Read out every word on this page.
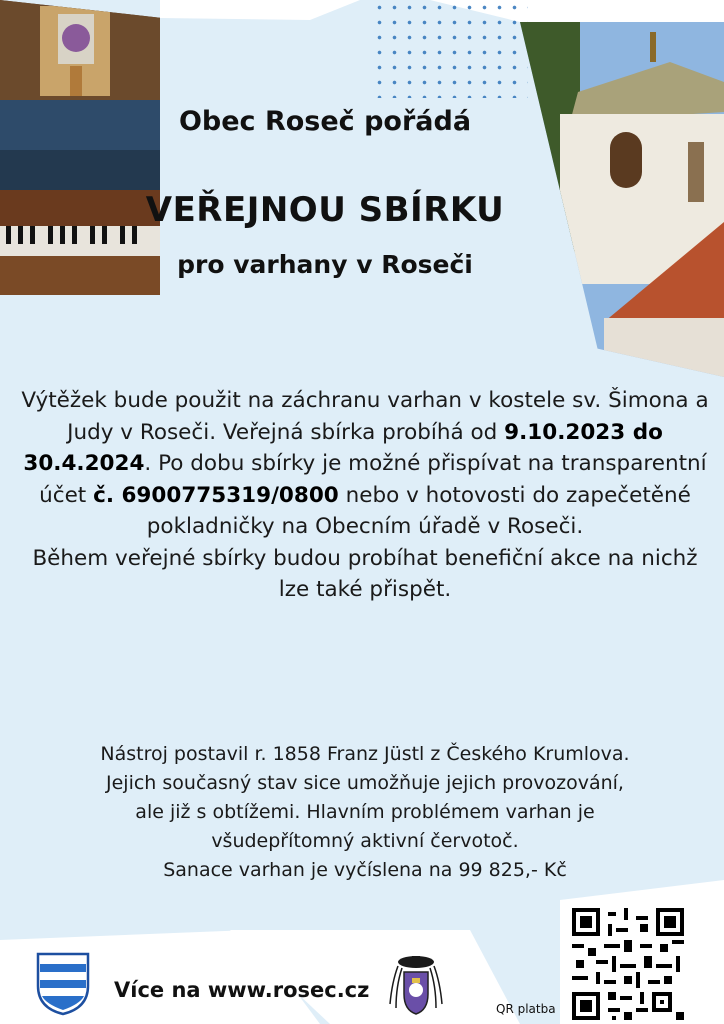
Obec Roseč pořádá
VEŘEJNOU SBÍRKU
pro varhany v Roseči
Výtěžek bude použit na záchranu varhan v kostele sv. Šimona a Judy v Roseči. Veřejná sbírka probíhá od 9.10.2023 do 30.4.2024. Po dobu sbírky je možné přispívat na transparentní účet č. 6900775319/0800 nebo v hotovosti do zapečetěné pokladničky na Obecním úřadě v Roseči.
Během veřejné sbírky budou probíhat benefiční akce na nichž lze také přispět.
Nástroj postavil r. 1858 Franz Jüstl z Českého Krumlova.
Jejich současný stav sice umožňuje jejich provozování,
ale již s obtížemi. Hlavním problémem varhan je
všudepřítomný aktivní červotoč.
Sanace varhan je vyčíslena na 99 825,- Kč
Více na www.rosec.cz
QR platba
